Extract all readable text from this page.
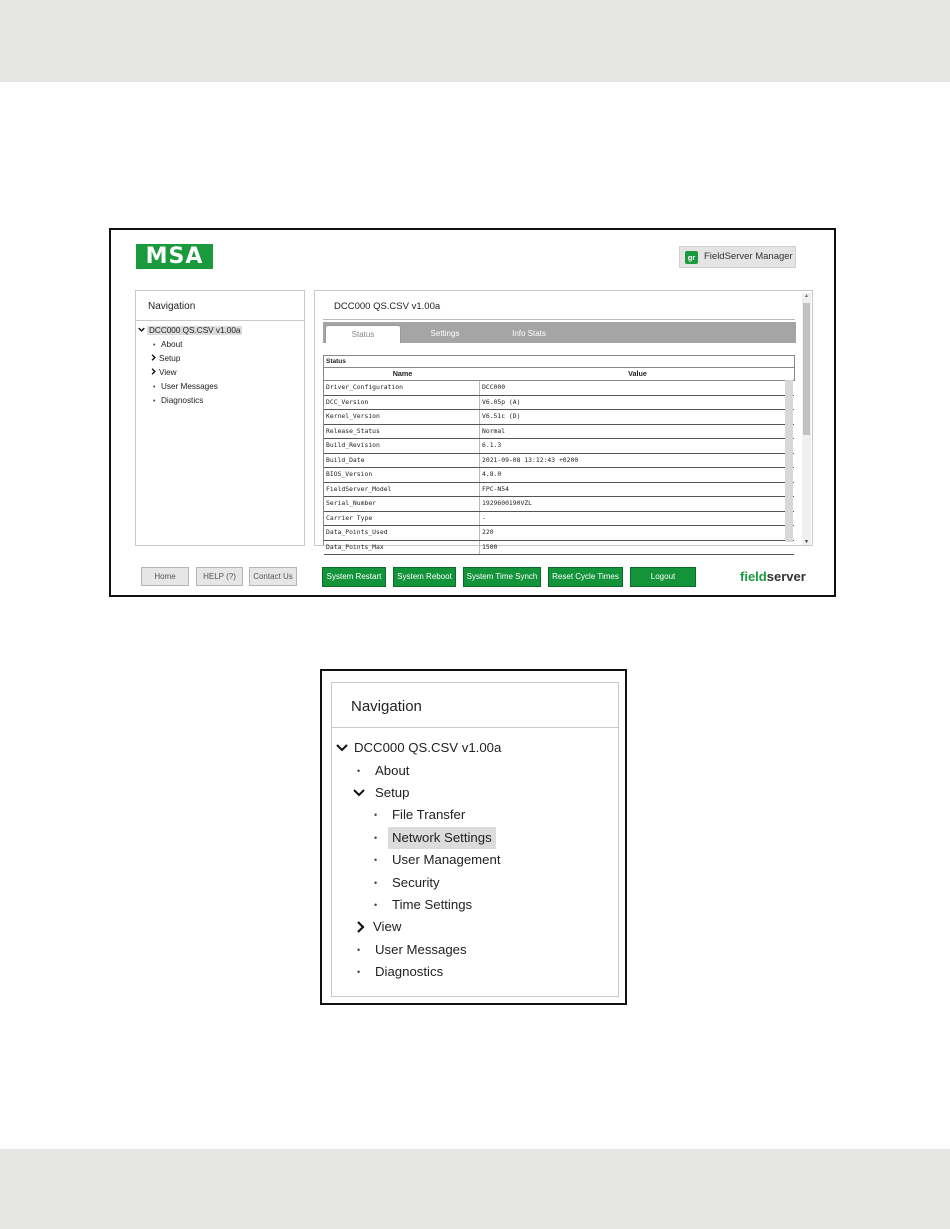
MSA	gr FieldServer Manager
Navigation
DCC000 QS.CSV v1.00a
• About
Setup
View
• User Messages
• Diagnostics
DCC000 QS.CSV v1.00a
Status	Settings	Info Stats
Status
Name	Value
Driver_Configuration	DCC000
DCC_Version	V6.05p (A)
Kernel_Version	V6.51c (D)
Release_Status	Normal
Build_Revision	6.1.3
Build_Date	2021-09-08 13:12:43 +0200
BIOS_Version	4.8.0
FieldServer_Model	FPC-N54
Serial_Number	1929600190VZL
Carrier Type	-
Data_Points_Used	220
Data_Points_Max	1500
▲
▼
Home	HELP (?)	Contact Us	System Restart	System Reboot	System Time Synch	Reset Cycle Times	Logout	fieldserver
Navigation
DCC000 QS.CSV v1.00a
•	About
Setup
•	File Transfer
•	Network Settings
•	User Management
•	Security
•	Time Settings
View
•	User Messages
•	Diagnostics
